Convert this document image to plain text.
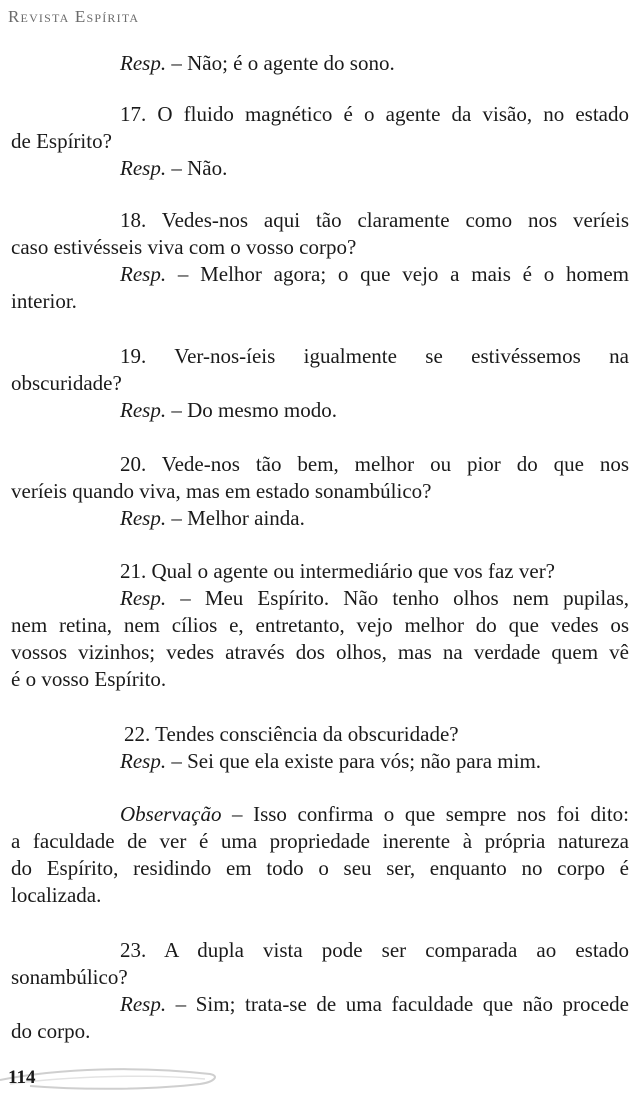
Revista Espírita
Resp. – Não; é o agente do sono.
17. O fluido magnético é o agente da visão, no estado
de Espírito?
Resp. – Não.
18. Vedes-nos aqui tão claramente como nos veríeis
caso estivésseis viva com o vosso corpo?
Resp. – Melhor agora; o que vejo a mais é o homem
interior.
19. Ver-nos-íeis igualmente se estivéssemos na
obscuridade?
Resp. – Do mesmo modo.
20. Vede-nos tão bem, melhor ou pior do que nos
veríeis quando viva, mas em estado sonambúlico?
Resp. – Melhor ainda.
21. Qual o agente ou intermediário que vos faz ver?
Resp. – Meu Espírito. Não tenho olhos nem pupilas,
nem retina, nem cílios e, entretanto, vejo melhor do que vedes os
vossos vizinhos; vedes através dos olhos, mas na verdade quem vê
é o vosso Espírito.
22. Tendes consciência da obscuridade?
Resp. – Sei que ela existe para vós; não para mim.
Observação – Isso confirma o que sempre nos foi dito:
a faculdade de ver é uma propriedade inerente à própria natureza
do Espírito, residindo em todo o seu ser, enquanto no corpo é
localizada.
23. A dupla vista pode ser comparada ao estado
sonambúlico?
Resp. – Sim; trata-se de uma faculdade que não procede
do corpo.
114
